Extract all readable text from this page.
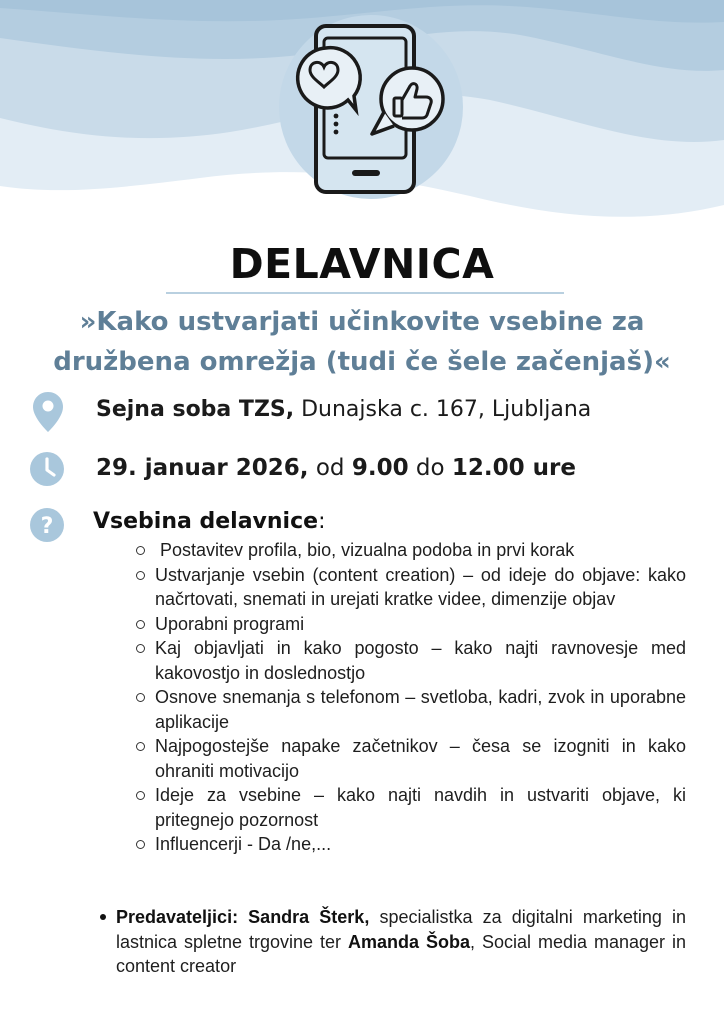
DELAVNICA
»Kako ustvarjati učinkovite vsebine za
družbena omrežja (tudi če šele začenjaš)«
Sejna soba TZS, Dunajska c. 167, Ljubljana
29. januar 2026, od 9.00 do 12.00 ure
? Vsebina delavnice:
Postavitev profila, bio, vizualna podoba in prvi korak
Ustvarjanje vsebin (content creation) – od ideje do objave: kako načrtovati, snemati in urejati kratke videe, dimenzije objav
Uporabni programi
Kaj objavljati in kako pogosto – kako najti ravnovesje med kakovostjo in doslednostjo
Osnove snemanja s telefonom – svetloba, kadri, zvok in uporabne aplikacije
Najpogostejše napake začetnikov – česa se izogniti in kako ohraniti motivacijo
Ideje za vsebine – kako najti navdih in ustvariti objave, ki pritegnejo pozornost
Influencerji - Da /ne,...
Predavateljici: Sandra Šterk, specialistka za digitalni marketing in lastnica spletne trgovine ter Amanda Šoba, Social media manager in content creator
